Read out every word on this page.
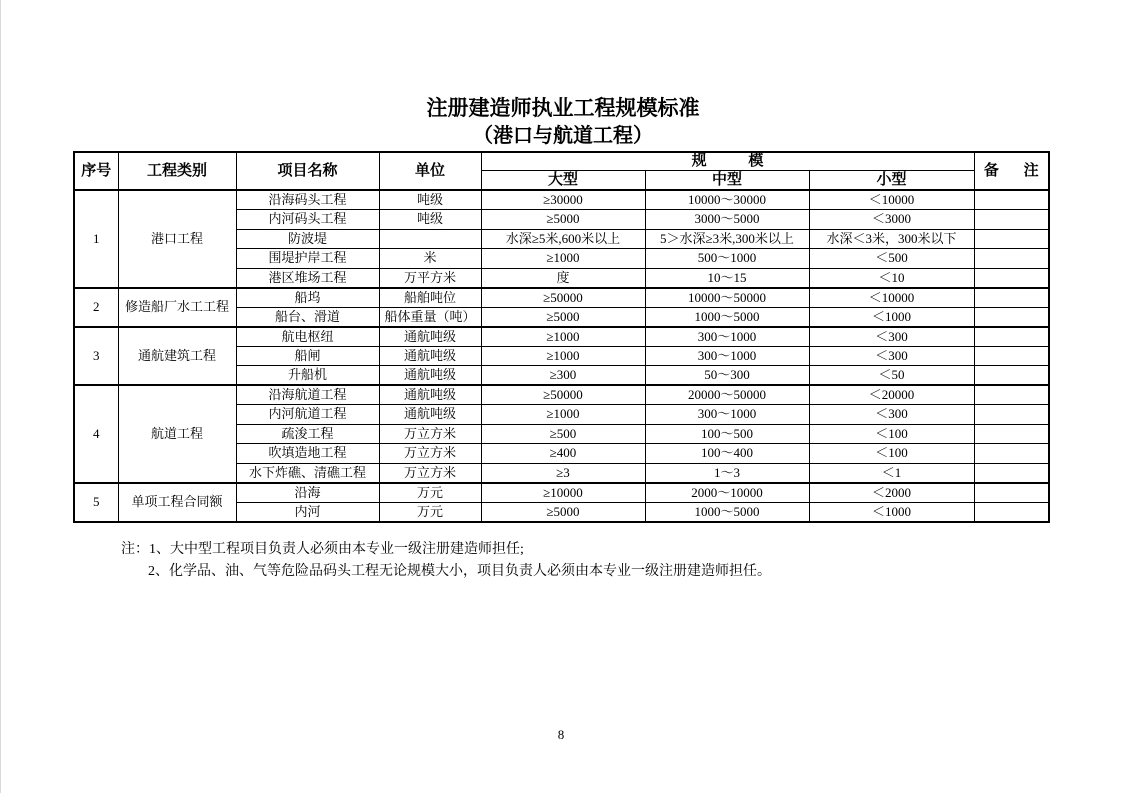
注册建造师执业工程规模标准
（港口与航道工程）
序号	工程类别	项目名称	单位	规 模			备 注
				大型	中型	小型	
1	港口工程	沿海码头工程	吨级	≥30000	10000～30000	＜10000	
		内河码头工程	吨级	≥5000	3000～5000	＜3000	
		防波堤		水深≥5米,600米以上	5＞水深≥3米,300米以上	水深＜3米，300米以下	
		围堤护岸工程	米	≥1000	500～1000	＜500	
		港区堆场工程	万平方米	度	10～15	＜10	
2	修造船厂水工工程	船坞	船舶吨位	≥50000	10000～50000	＜10000	
		船台、滑道	船体重量（吨）	≥5000	1000～5000	＜1000	
3	通航建筑工程	航电枢纽	通航吨级	≥1000	300～1000	＜300	
		船闸	通航吨级	≥1000	300～1000	＜300	
		升船机	通航吨级	≥300	50～300	＜50	
4	航道工程	沿海航道工程	通航吨级	≥50000	20000～50000	＜20000	
		内河航道工程	通航吨级	≥1000	300～1000	＜300	
		疏浚工程	万立方米	≥500	100～500	＜100	
		吹填造地工程	万立方米	≥400	100～400	＜100	
		水下炸礁、清礁工程	万立方米	≥3	1～3	＜1	
5	单项工程合同额	沿海	万元	≥10000	2000～10000	＜2000	
		内河	万元	≥5000	1000～5000	＜1000	
注：1、大中型工程项目负责人必须由本专业一级注册建造师担任;
2、化学品、油、气等危险品码头工程无论规模大小，项目负责人必须由本专业一级注册建造师担任。
8
